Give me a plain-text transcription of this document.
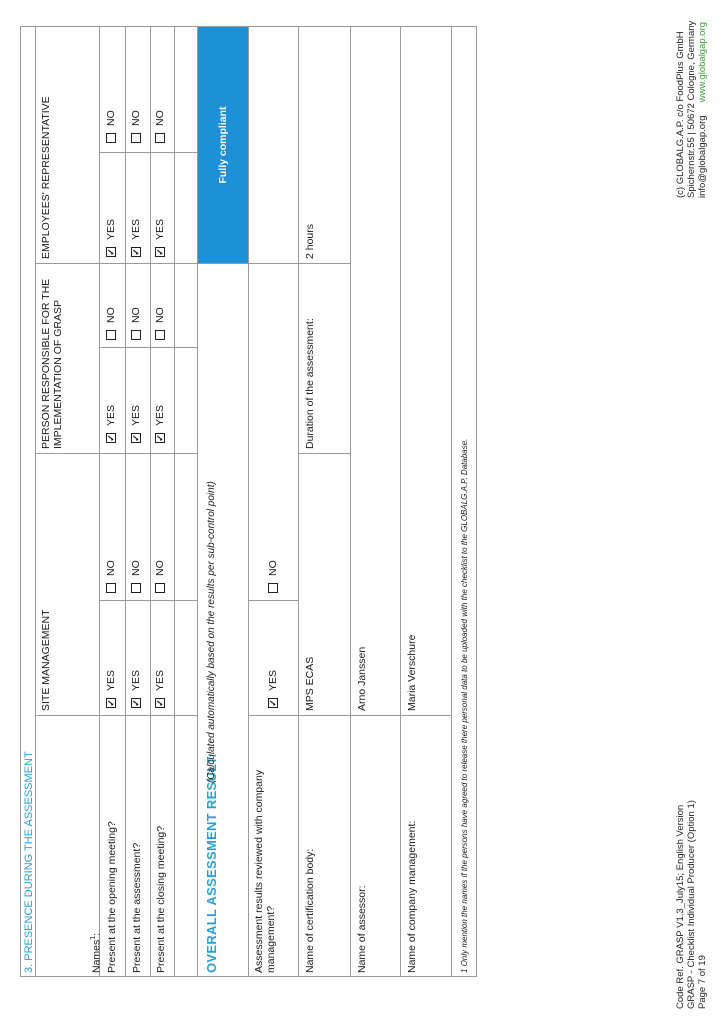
3. PRESENCE DURING THE ASSESSMENT
SITE MANAGEMENT
PERSON RESPONSIBLE FOR THE IMPLEMENTATION OF GRASP
EMPLOYEES' REPRESENTATIVE
Names$^1$: Present at the opening meeting? Present at the assessment? Present at the closing meeting?
✓
YES
NO
✓
YES
NO
✓
YES
NO
✓
YES
NO
✓
YES
NO
✓
YES
NO
✓
YES
NO
✓
YES
NO
✓
YES
NO
OVERALL ASSESSMENT RESULT:
(Calculated automatically based on the results per sub-control point)
Fully compliant
Assessment results reviewed with company management?
✓
YES
NO
Name of certification body:
MPS ECAS
Duration of the assessment:
2 hours
Name of assessor:
Arno Janssen
Name of company management:
Maria Verschure	1 Only mention the names if the persons have agreed to release there personal data to be uploaded with the checklist to the GLOBALG.A.P. Database.	Code Ref. GRASP V1.3_July15; English Version GRASP - Checklist Individual Producer (Option 1) Page 7 of 19
(c) GLOBALG.A.P. c/o FoodPlus GmbH Spichernstr.55 | 50672 Cologne, Germany info@globalgap.org     www.globalgap.org
